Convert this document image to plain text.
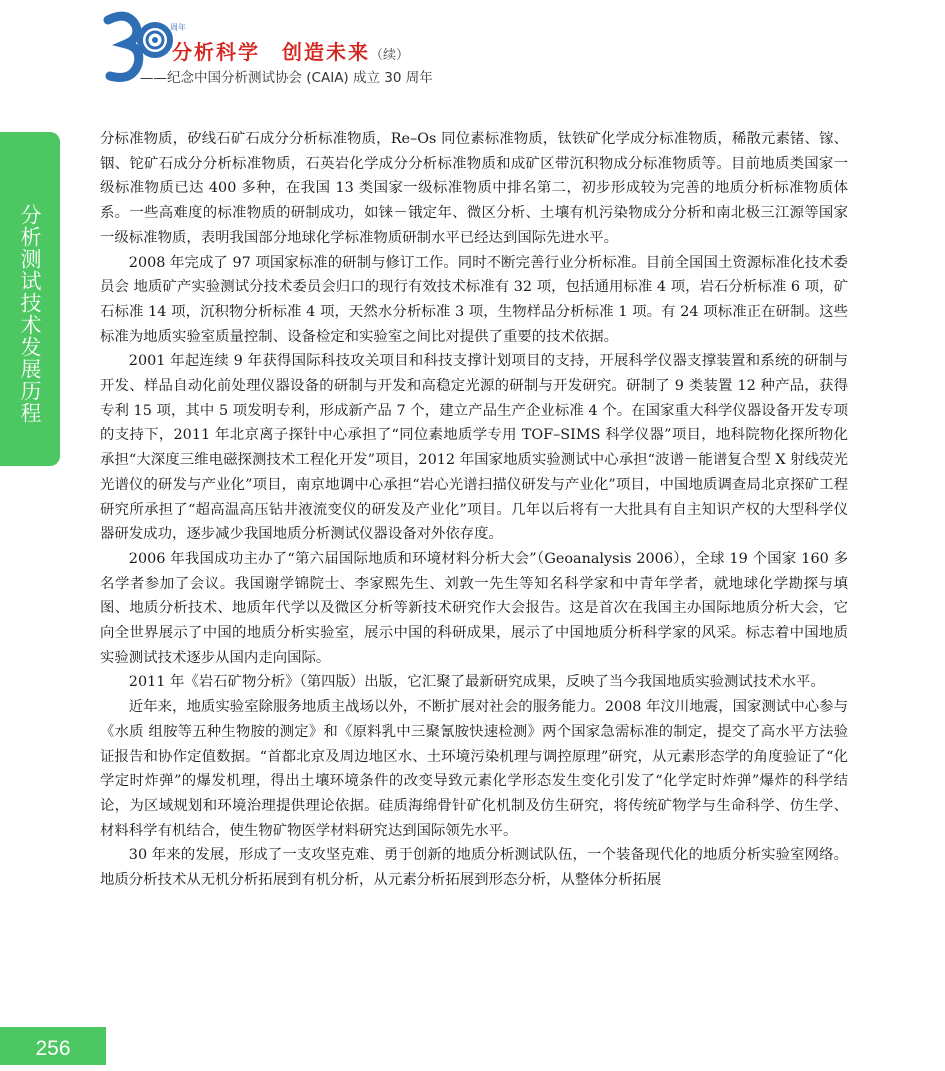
周年
分析科学　创造未来（续）
——纪念中国分析测试协会 (CAIA) 成立 30 周年
分析测试技术发展历程

分标准物质，矽线石矿石成分分析标准物质，Re–Os 同位素标准物质，钛铁矿化学成分标准物质，稀散元素锗、镓、铟、铊矿石成分分析标准物质，石英岩化学成分分析标准物质和成矿区带沉积物成分标准物质等。目前地质类国家一级标准物质已达 400 多种，在我国 13 类国家一级标准物质中排名第二，初步形成较为完善的地质分析标准物质体系。一些高难度的标准物质的研制成功，如铼－锇定年、微区分析、土壤有机污染物成分分析和南北极三江源等国家一级标准物质，表明我国部分地球化学标准物质研制水平已经达到国际先进水平。

2008 年完成了 97 项国家标准的研制与修订工作。同时不断完善行业分析标准。目前全国国土资源标准化技术委员会 地质矿产实验测试分技术委员会归口的现行有效技术标准有 32 项，包括通用标准 4 项，岩石分析标准 6 项，矿石标准 14 项，沉积物分析标准 4 项，天然水分析标准 3 项，生物样品分析标准 1 项。有 24 项标准正在研制。这些标准为地质实验室质量控制、设备检定和实验室之间比对提供了重要的技术依据。

2001 年起连续 9 年获得国际科技攻关项目和科技支撑计划项目的支持，开展科学仪器支撑装置和系统的研制与开发、样品自动化前处理仪器设备的研制与开发和高稳定光源的研制与开发研究。研制了 9 类装置 12 种产品，获得专利 15 项，其中 5 项发明专利，形成新产品 7 个，建立产品生产企业标准 4 个。在国家重大科学仪器设备开发专项的支持下，2011 年北京离子探针中心承担了“同位素地质学专用 TOF–SIMS 科学仪器”项目，地科院物化探所物化承担“大深度三维电磁探测技术工程化开发”项目，2012 年国家地质实验测试中心承担“波谱－能谱复合型 X 射线荧光光谱仪的研发与产业化”项目，南京地调中心承担“岩心光谱扫描仪研发与产业化”项目，中国地质调查局北京探矿工程研究所承担了“超高温高压钻井液流变仪的研发及产业化”项目。几年以后将有一大批具有自主知识产权的大型科学仪器研发成功，逐步减少我国地质分析测试仪器设备对外依存度。

2006 年我国成功主办了“第六届国际地质和环境材料分析大会”（Geoanalysis 2006），全球 19 个国家 160 多名学者参加了会议。我国谢学锦院士、李家熙先生、刘敦一先生等知名科学家和中青年学者，就地球化学勘探与填图、地质分析技术、地质年代学以及微区分析等新技术研究作大会报告。这是首次在我国主办国际地质分析大会，它向全世界展示了中国的地质分析实验室，展示中国的科研成果，展示了中国地质分析科学家的风采。标志着中国地质实验测试技术逐步从国内走向国际。

2011 年《岩石矿物分析》（第四版）出版，它汇聚了最新研究成果，反映了当今我国地质实验测试技术水平。

近年来，地质实验室除服务地质主战场以外，不断扩展对社会的服务能力。2008 年汶川地震，国家测试中心参与《水质 组胺等五种生物胺的测定》和《原料乳中三聚氰胺快速检测》两个国家急需标准的制定，提交了高水平方法验证报告和协作定值数据。“首都北京及周边地区水、土环境污染机理与调控原理”研究，从元素形态学的角度验证了“化学定时炸弹”的爆发机理，得出土壤环境条件的改变导致元素化学形态发生变化引发了“化学定时炸弹”爆炸的科学结论，为区域规划和环境治理提供理论依据。硅质海绵骨针矿化机制及仿生研究，将传统矿物学与生命科学、仿生学、材料科学有机结合，使生物矿物医学材料研究达到国际领先水平。

30 年来的发展，形成了一支攻坚克难、勇于创新的地质分析测试队伍，一个装备现代化的地质分析实验室网络。地质分析技术从无机分析拓展到有机分析，从元素分析拓展到形态分析，从整体分析拓展

256
